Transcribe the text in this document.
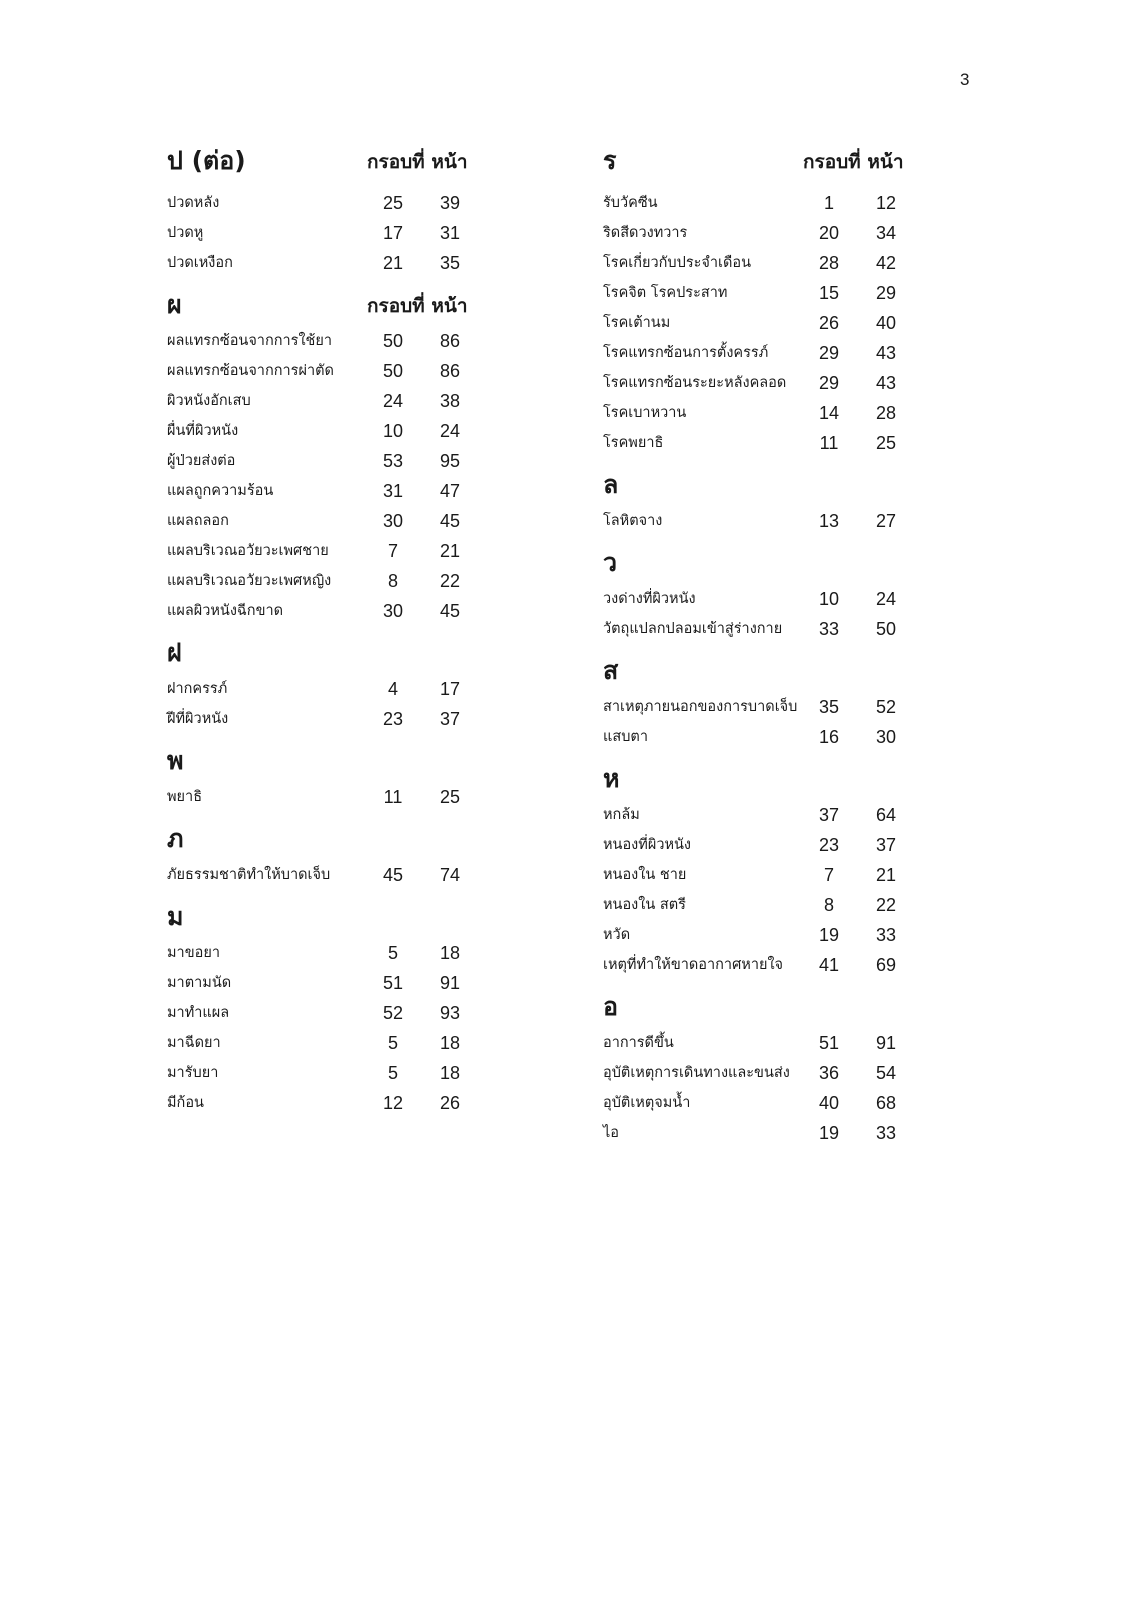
3
ป (ต่อ)	กรอบที่ หน้า
ปวดหลัง	25	39
ปวดหู	17	31
ปวดเหงือก	21	35
ผ	กรอบที่ หน้า
ผลแทรกซ้อนจากการใช้ยา	50	86
ผลแทรกซ้อนจากการผ่าตัด	50	86
ผิวหนังอักเสบ	24	38
ผื่นที่ผิวหนัง	10	24
ผู้ป่วยส่งต่อ	53	95
แผลถูกความร้อน	31	47
แผลถลอก	30	45
แผลบริเวณอวัยวะเพศชาย	7	21
แผลบริเวณอวัยวะเพศหญิง	8	22
แผลผิวหนังฉีกขาด	30	45
ฝ
ฝากครรภ์	4	17
ฝีที่ผิวหนัง	23	37
พ
พยาธิ	11	25
ภ
ภัยธรรมชาติทำให้บาดเจ็บ	45	74
ม
มาขอยา	5	18
มาตามนัด	51	91
มาทำแผล	52	93
มาฉีดยา	5	18
มารับยา	5	18
มีก้อน	12	26
ร	กรอบที่ หน้า
รับวัคซีน	1	12
ริดสีดวงทวาร	20	34
โรคเกี่ยวกับประจำเดือน	28	42
โรคจิต โรคประสาท	15	29
โรคเต้านม	26	40
โรคแทรกซ้อนการตั้งครรภ์	29	43
โรคแทรกซ้อนระยะหลังคลอด	29	43
โรคเบาหวาน	14	28
โรคพยาธิ	11	25
ล
โลหิตจาง	13	27
ว
วงด่างที่ผิวหนัง	10	24
วัตถุแปลกปลอมเข้าสู่ร่างกาย	33	50
ส
สาเหตุภายนอกของการบาดเจ็บ	35	52
แสบตา	16	30
ห
หกล้ม	37	64
หนองที่ผิวหนัง	23	37
หนองใน ชาย	7	21
หนองใน สตรี	8	22
หวัด	19	33
เหตุที่ทำให้ขาดอากาศหายใจ	41	69
อ
อาการดีขึ้น	51	91
อุบัติเหตุการเดินทางและขนส่ง	36	54
อุบัติเหตุจมน้ำ	40	68
ไอ	19	33
